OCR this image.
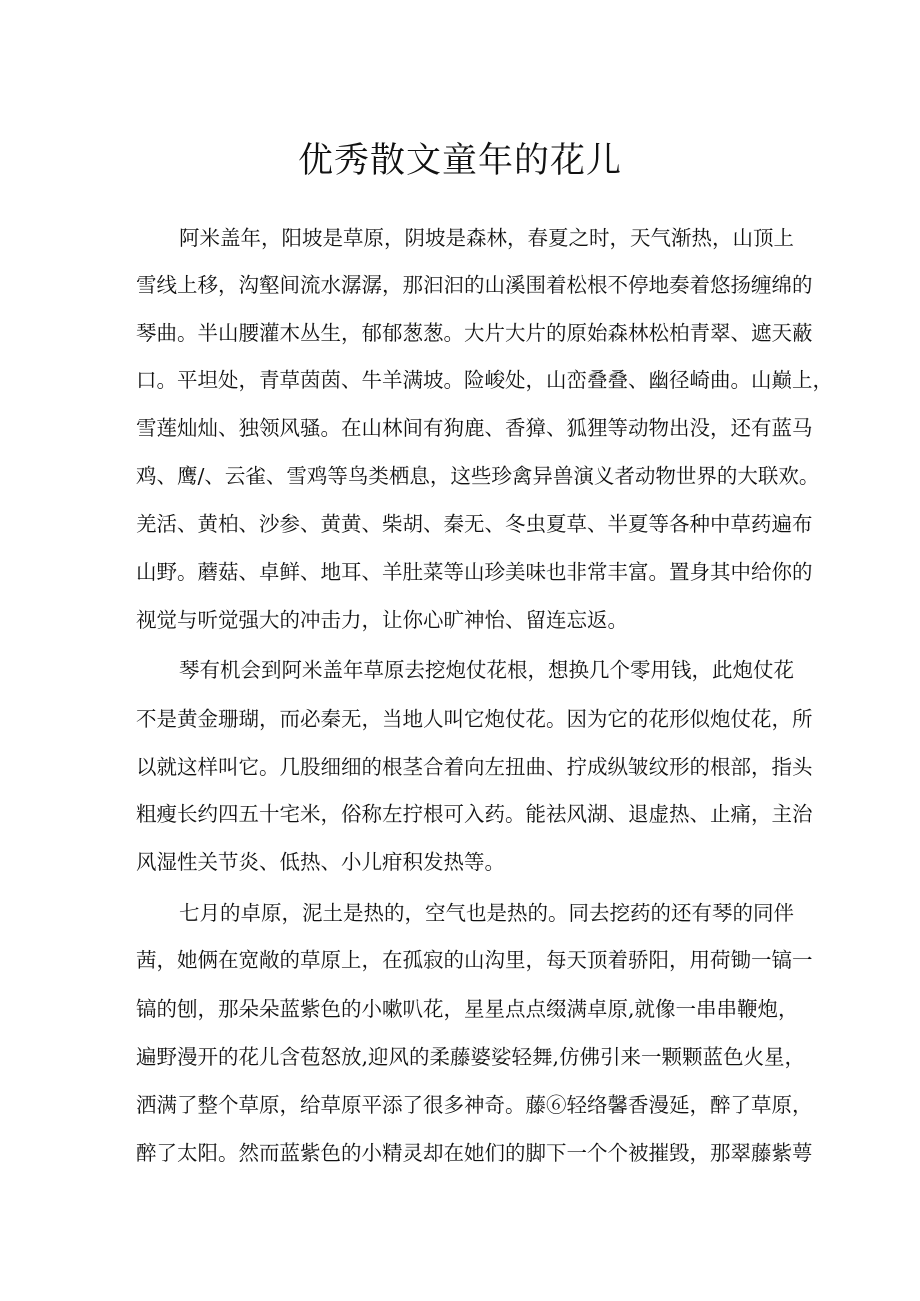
优秀散文童年的花儿

阿米盖年，阳坡是草原，阴坡是森林，春夏之时，天气渐热，山顶上

雪线上移，沟壑间流水潺潺，那汩汩的山溪围着松根不停地奏着悠扬缠绵的

琴曲。半山腰灌木丛生，郁郁葱葱。大片大片的原始森林松柏青翠、遮天蔽

口。平坦处，青草茵茵、牛羊满坡。险峻处，山峦叠叠、幽径崎曲。山巅上，

雪莲灿灿、独领风骚。在山林间有狗鹿、香獐、狐狸等动物出没，还有蓝马

鸡、鹰/、云雀、雪鸡等鸟类栖息，这些珍禽异兽演义者动物世界的大联欢。

羌活、黄柏、沙参、黄黄、柴胡、秦无、冬虫夏草、半夏等各种中草药遍布

山野。蘑菇、卓鲜、地耳、羊肚菜等山珍美味也非常丰富。置身其中给你的

视觉与听觉强大的冲击力，让你心旷神怡、留连忘返。

琴有机会到阿米盖年草原去挖炮仗花根，想换几个零用钱，此炮仗花

不是黄金珊瑚，而必秦无，当地人叫它炮仗花。因为它的花形似炮仗花，所

以就这样叫它。几股细细的根茎合着向左扭曲、拧成纵皱纹形的根部，指头

粗瘦长约四五十宅米，俗称左拧根可入药。能祛风湖、退虚热、止痛，主治

风湿性关节炎、低热、小儿疳积发热等。

七月的卓原，泥土是热的，空气也是热的。同去挖药的还有琴的同伴

茜，她俩在宽敞的草原上，在孤寂的山沟里，每天顶着骄阳，用荷锄一镐一

镐的刨，那朵朵蓝紫色的小嗽叭花，星星点点缀满卓原,就像一串串鞭炮，

遍野漫开的花儿含苞怒放,迎风的柔藤婆娑轻舞,仿佛引来一颗颗蓝色火星，

洒满了整个草原，给草原平添了很多神奇。藤⑥轻络馨香漫延，醉了草原，

醉了太阳。然而蓝紫色的小精灵却在她们的脚下一个个被摧毁，那翠藤紫萼
